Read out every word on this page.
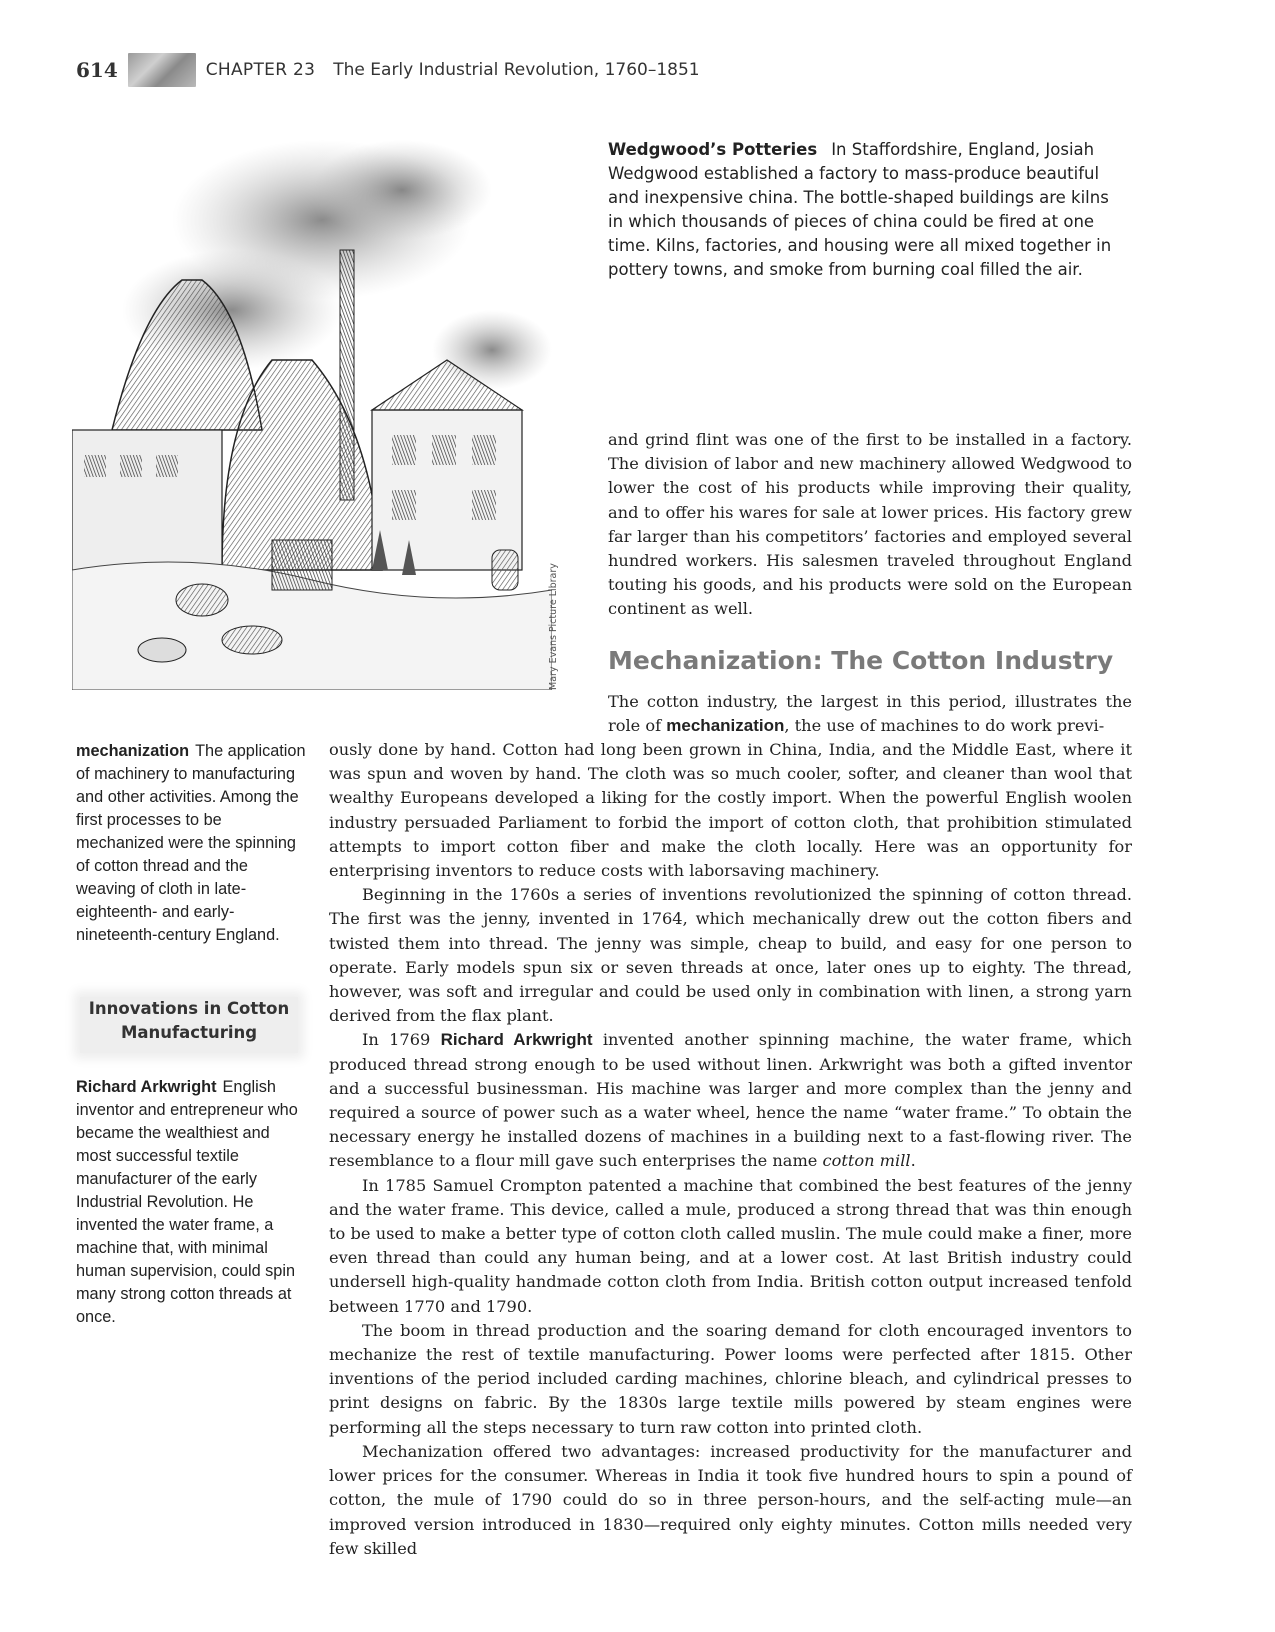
614	CHAPTER 23 The Early Industrial Revolution, 1760–1851
Mary Evans Picture Library
Wedgwood’s Potteries In Staffordshire, England, Josiah Wedgwood established a factory to mass-produce beautiful and inexpensive china. The bottle-shaped buildings are kilns in which thousands of pieces of china could be fired at one time. Kilns, factories, and housing were all mixed together in pottery towns, and smoke from burning coal filled the air.
and grind flint was one of the first to be installed in a factory. The division of labor and new machinery allowed Wedgwood to lower the cost of his products while improving their quality, and to offer his wares for sale at lower prices. His factory grew far larger than his competitors’ factories and employed several hundred workers. His salesmen traveled throughout England touting his goods, and his products were sold on the European continent as well.
Mechanization: The Cotton Industry
The cotton industry, the largest in this period, illustrates the role of mechanization, the use of machines to do work previ-

ously done by hand. Cotton had long been grown in China, India, and the Middle East, where it was spun and woven by hand. The cloth was so much cooler, softer, and cleaner than wool that wealthy Europeans developed a liking for the costly import. When the powerful English woolen industry persuaded Parliament to forbid the import of cotton cloth, that prohibition stimulated attempts to import cotton fiber and make the cloth locally. Here was an opportunity for enterprising inventors to reduce costs with laborsaving machinery.

Beginning in the 1760s a series of inventions revolutionized the spinning of cotton thread. The first was the jenny, invented in 1764, which mechanically drew out the cotton fibers and twisted them into thread. The jenny was simple, cheap to build, and easy for one person to operate. Early models spun six or seven threads at once, later ones up to eighty. The thread, however, was soft and irregular and could be used only in combination with linen, a strong yarn derived from the flax plant.

In 1769 Richard Arkwright invented another spinning machine, the water frame, which produced thread strong enough to be used without linen. Arkwright was both a gifted inventor and a successful businessman. His machine was larger and more complex than the jenny and required a source of power such as a water wheel, hence the name “water frame.” To obtain the necessary energy he installed dozens of machines in a building next to a fast-flowing river. The resemblance to a flour mill gave such enterprises the name cotton mill.

In 1785 Samuel Crompton patented a machine that combined the best features of the jenny and the water frame. This device, called a mule, produced a strong thread that was thin enough to be used to make a better type of cotton cloth called muslin. The mule could make a finer, more even thread than could any human being, and at a lower cost. At last British industry could undersell high-quality handmade cotton cloth from India. British cotton output increased tenfold between 1770 and 1790.

The boom in thread production and the soaring demand for cloth encouraged inventors to mechanize the rest of textile manufacturing. Power looms were perfected after 1815. Other inventions of the period included carding machines, chlorine bleach, and cylindrical presses to print designs on fabric. By the 1830s large textile mills powered by steam engines were performing all the steps necessary to turn raw cotton into printed cloth.

Mechanization offered two advantages: increased productivity for the manufacturer and lower prices for the consumer. Whereas in India it took five hundred hours to spin a pound of cotton, the mule of 1790 could do so in three person-hours, and the self-acting mule—an improved version introduced in 1830—required only eighty minutes. Cotton mills needed very few skilled

mechanization The application of machinery to manufacturing and other activities. Among the first processes to be mechanized were the spinning of cotton thread and the weaving of cloth in late-eighteenth- and early-nineteenth-century England.
Innovations in Cotton Manufacturing
Richard Arkwright English inventor and entrepreneur who became the wealthiest and most successful textile manufacturer of the early Industrial Revolution. He invented the water frame, a machine that, with minimal human supervision, could spin many strong cotton threads at once.
